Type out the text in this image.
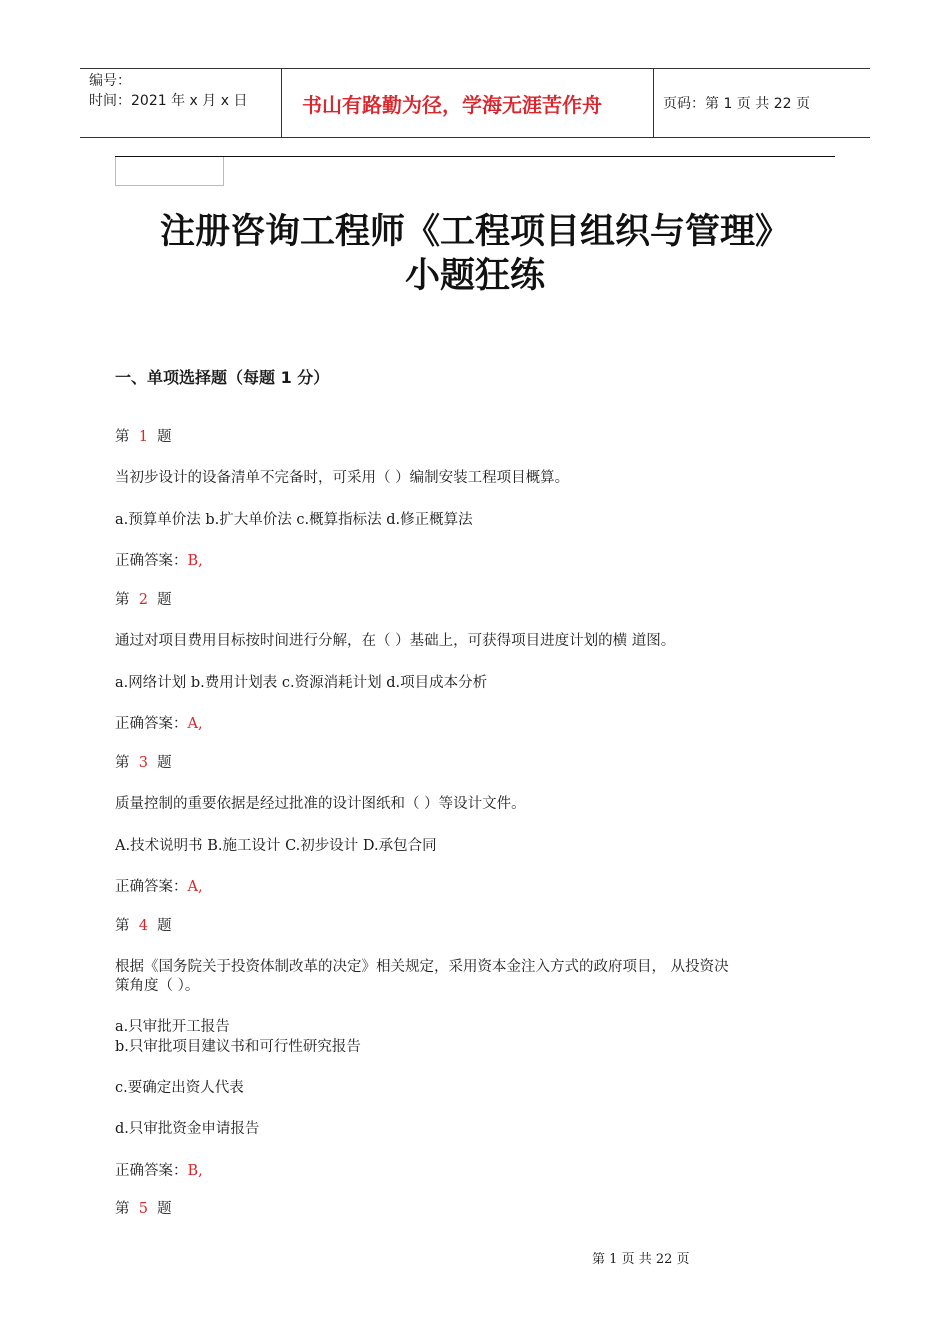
编号：
时间：2021 年 x 月 x 日	书山有路勤为径，学海无涯苦作舟	页码：第 1 页 共 22 页
注册咨询工程师《工程项目组织与管理》
小题狂练
一、单项选择题（每题 1 分）
第 1 题
当初步设计的设备清单不完备时，可采用（ ）编制安装工程项目概算。
a.预算单价法 b.扩大单价法 c.概算指标法 d.修正概算法
正确答案：B,
第 2 题
通过对项目费用目标按时间进行分解，在（ ）基础上，可获得项目进度计划的横 道图。
a.网络计划 b.费用计划表 c.资源消耗计划 d.项目成本分析
正确答案：A,
第 3 题
质量控制的重要依据是经过批准的设计图纸和（ ）等设计文件。
A.技术说明书 B.施工设计 C.初步设计 D.承包合同
正确答案：A,
第 4 题
根据《国务院关于投资体制改革的决定》相关规定，采用资本金注入方式的政府项目， 从投资决
策角度（ ）。
a.只审批开工报告
b.只审批项目建议书和可行性研究报告
c.要确定出资人代表
d.只审批资金申请报告
正确答案：B,
第 5 题
第 1 页 共 22 页
